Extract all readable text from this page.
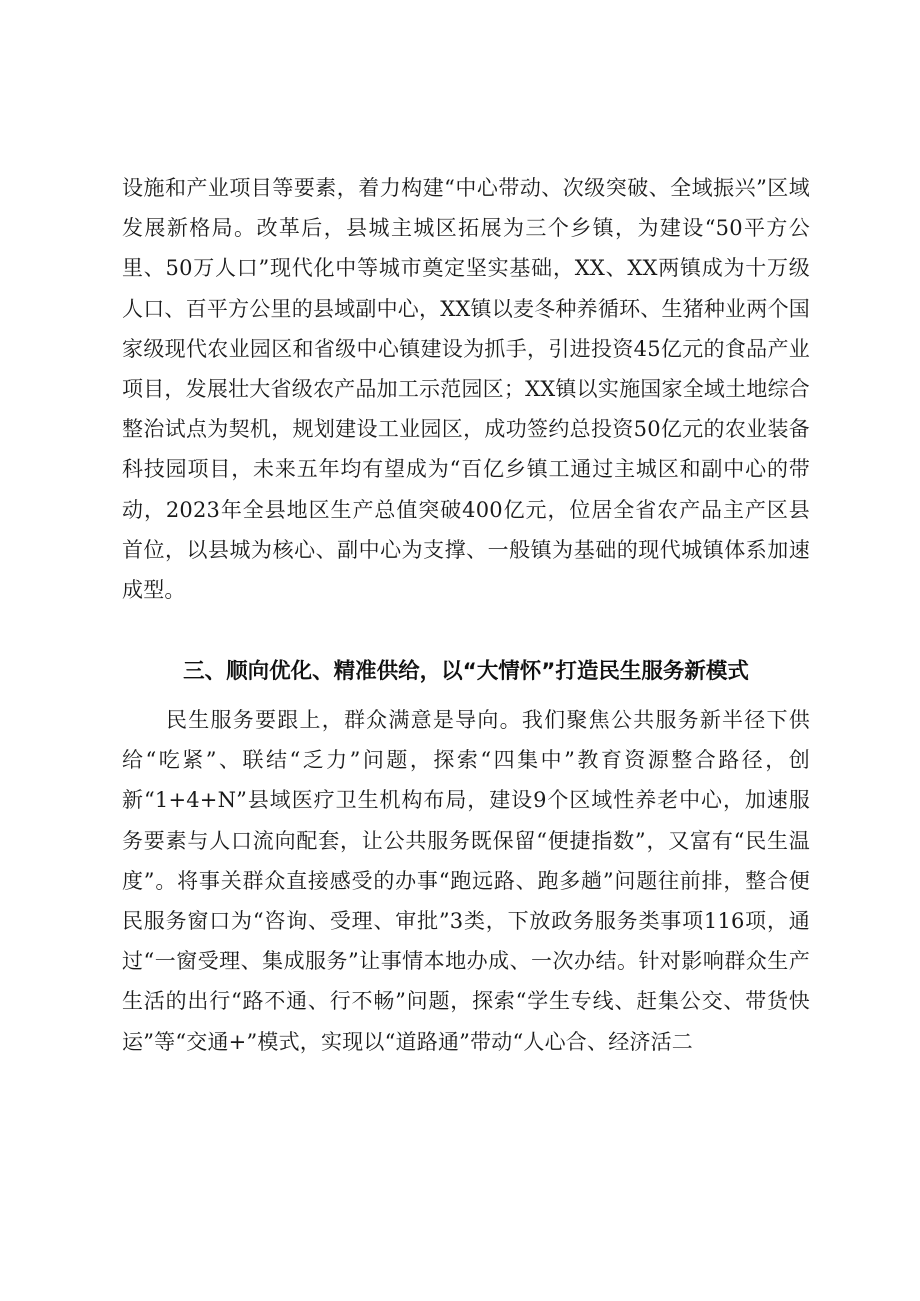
设施和产业项目等要素，着力构建“中心带动、次级突破、全域振兴”区域发展新格局。改革后，县城主城区拓展为三个乡镇，为建设“50平方公里、50万人口”现代化中等城市奠定坚实基础，XX、XX两镇成为十万级人口、百平方公里的县域副中心，XX镇以麦冬种养循环、生猪种业两个国家级现代农业园区和省级中心镇建设为抓手，引进投资45亿元的食品产业项目，发展壮大省级农产品加工示范园区；XX镇以实施国家全域土地综合整治试点为契机，规划建设工业园区，成功签约总投资50亿元的农业装备科技园项目，未来五年均有望成为“百亿乡镇工通过主城区和副中心的带动，2023年全县地区生产总值突破400亿元，位居全省农产品主产区县首位，以县城为核心、副中心为支撑、一般镇为基础的现代城镇体系加速成型。

三、顺向优化、精准供给，以“大情怀”打造民生服务新模式

民生服务要跟上，群众满意是导向。我们聚焦公共服务新半径下供给“吃紧”、联结“乏力”问题，探索“四集中”教育资源整合路径，创新“1+4+N”县域医疗卫生机构布局，建设9个区域性养老中心，加速服务要素与人口流向配套，让公共服务既保留“便捷指数”，又富有“民生温度”。将事关群众直接感受的办事“跑远路、跑多趟”问题往前排，整合便民服务窗口为“咨询、受理、审批”3类，下放政务服务类事项116项，通过“一窗受理、集成服务”让事情本地办成、一次办结。针对影响群众生产生活的出行“路不通、行不畅”问题，探索“学生专线、赶集公交、带货快运”等“交通+”模式，实现以“道路通”带动“人心合、经济活二
